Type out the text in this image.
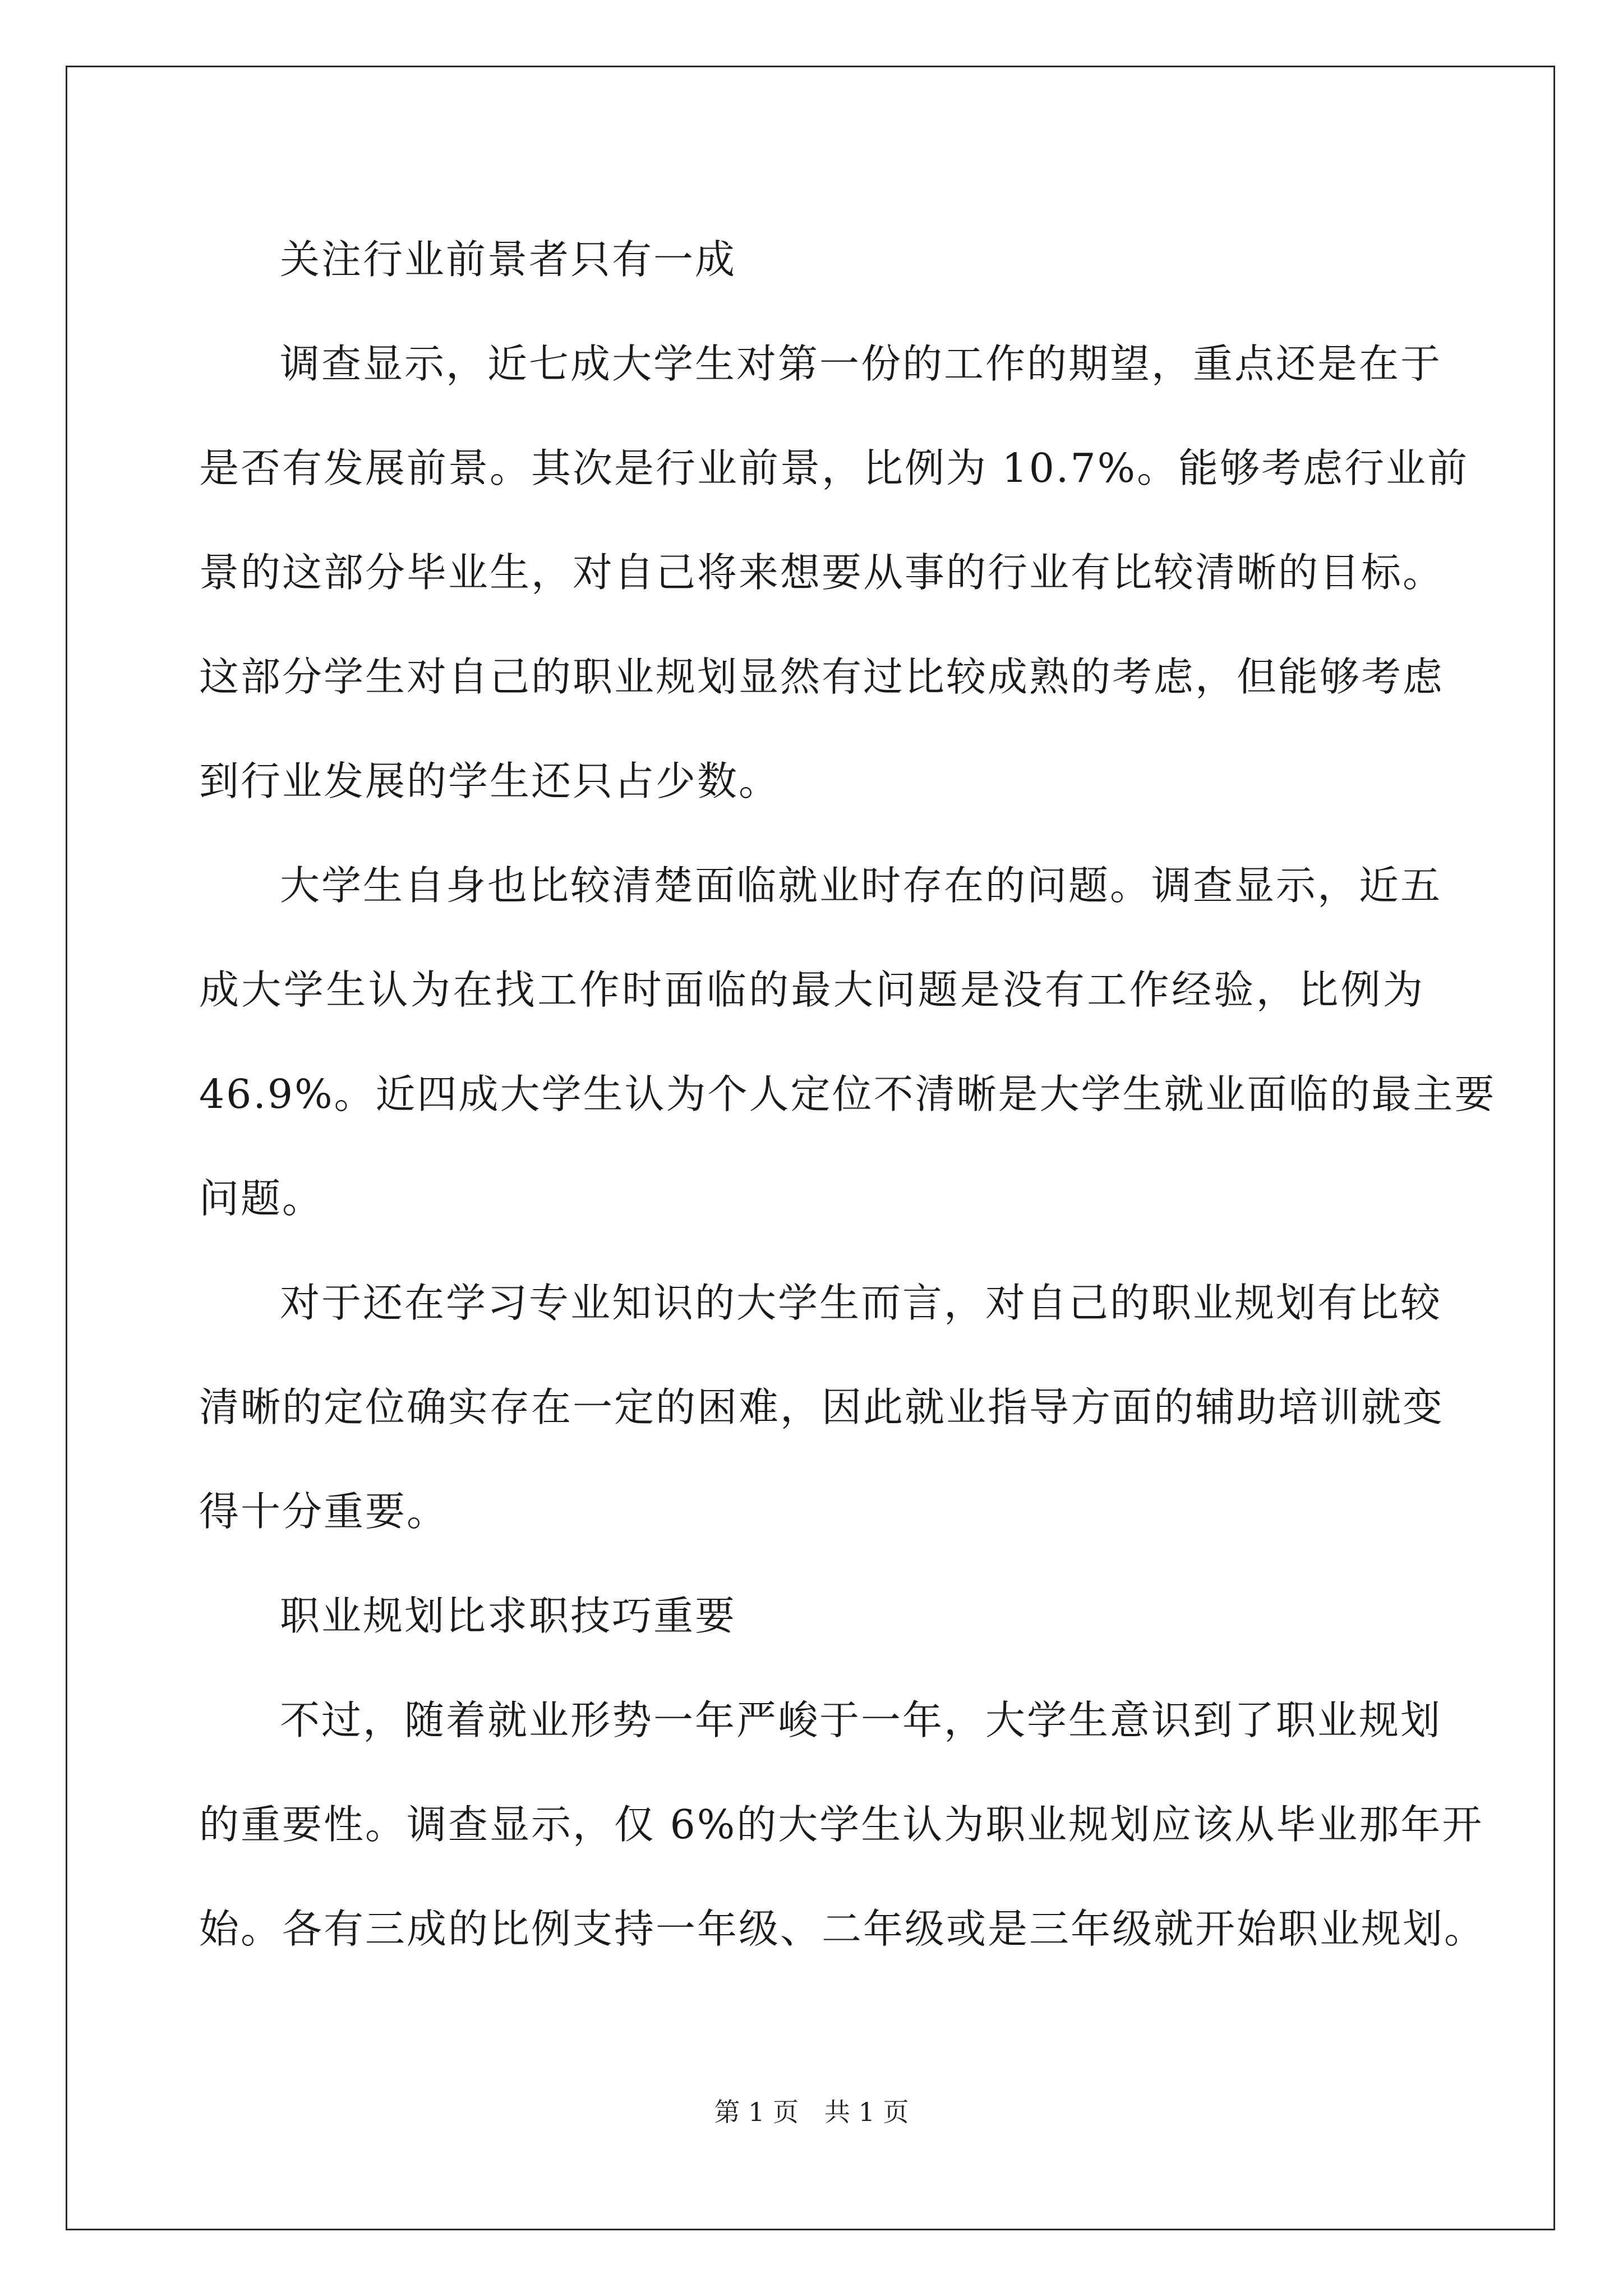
关注行业前景者只有一成
调查显示，近七成大学生对第一份的工作的期望，重点还是在于
是否有发展前景。其次是行业前景，比例为 10.7%。能够考虑行业前
景的这部分毕业生，对自己将来想要从事的行业有比较清晰的目标。
这部分学生对自己的职业规划显然有过比较成熟的考虑，但能够考虑
到行业发展的学生还只占少数。
大学生自身也比较清楚面临就业时存在的问题。调查显示，近五
成大学生认为在找工作时面临的最大问题是没有工作经验，比例为
46.9%。近四成大学生认为个人定位不清晰是大学生就业面临的最主要
问题。
对于还在学习专业知识的大学生而言，对自己的职业规划有比较
清晰的定位确实存在一定的困难，因此就业指导方面的辅助培训就变
得十分重要。
职业规划比求职技巧重要
不过，随着就业形势一年严峻于一年，大学生意识到了职业规划
的重要性。调查显示，仅 6%的大学生认为职业规划应该从毕业那年开
始。各有三成的比例支持一年级、二年级或是三年级就开始职业规划。
第 1 页　共 1 页
